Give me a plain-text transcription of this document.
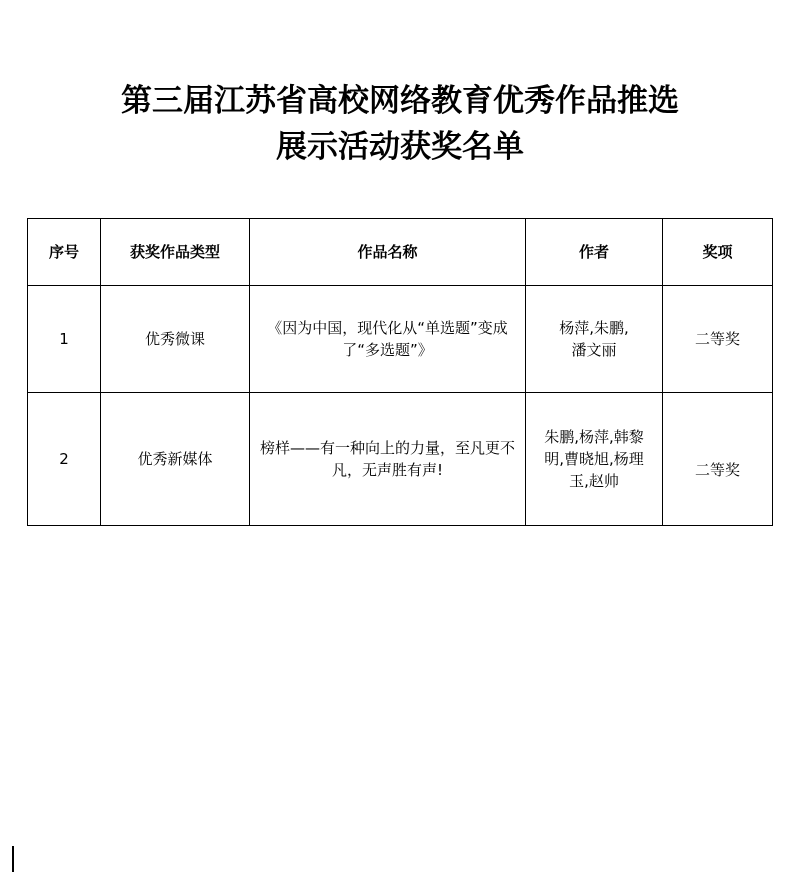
第三届江苏省高校网络教育优秀作品推选
展示活动获奖名单
序号	获奖作品类型	作品名称	作者	奖项
1	优秀微课	《因为中国，现代化从“单选题”变成了“多选题”》	杨萍,朱鹏,潘文丽	二等奖
2	优秀新媒体	榜样——有一种向上的力量，至凡更不凡，无声胜有声!	朱鹏,杨萍,韩黎明,曹晓旭,杨理玉,赵帅	二等奖
